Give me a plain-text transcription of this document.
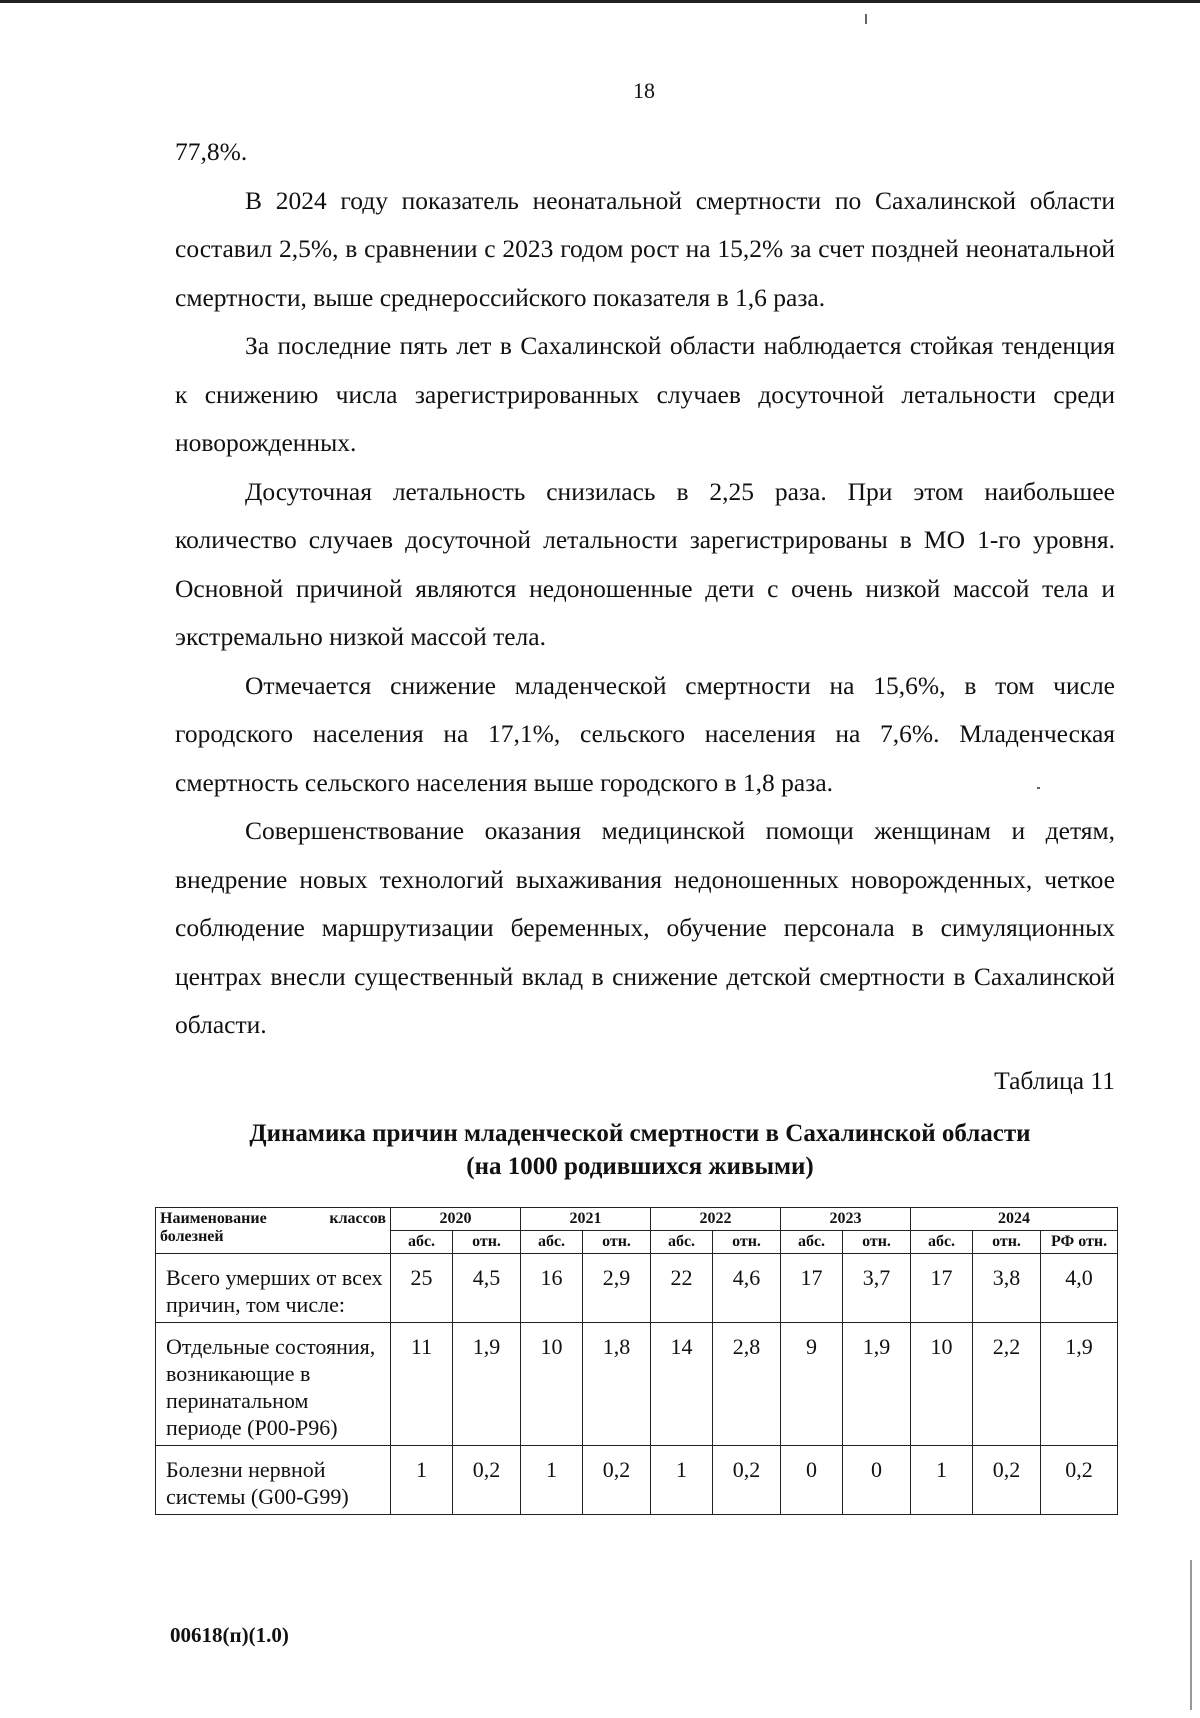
18

77,8%.

В 2024 году показатель неонатальной смертности по Сахалинской области составил 2,5%, в сравнении с 2023 годом рост на 15,2% за счет поздней неонатальной смертности, выше среднероссийского показателя в 1,6 раза.

За последние пять лет в Сахалинской области наблюдается стойкая тенденция к снижению числа зарегистрированных случаев досуточной летальности среди новорожденных.

Досуточная летальность снизилась в 2,25 раза. При этом наибольшее количество случаев досуточной летальности зарегистрированы в МО 1-го уровня. Основной причиной являются недоношенные дети с очень низкой массой тела и экстремально низкой массой тела.

Отмечается снижение младенческой смертности на 15,6%, в том числе городского населения на 17,1%, сельского населения на 7,6%. Младенческая смертность сельского населения выше городского в 1,8 раза.

Совершенствование оказания медицинской помощи женщинам и детям, внедрение новых технологий выхаживания недоношенных новорожденных, четкое соблюдение маршрутизации беременных, обучение персонала в симуляционных центрах внесли существенный вклад в снижение детской смертности в Сахалинской области.

Таблица 11
Динамика причин младенческой смертности в Сахалинской области
(на 1000 родившихся живыми)
Наименование классов болезней	2020		2021		2022		2023		2024		
	абс.	отн.	абс.	отн.	абс.	отн.	абс.	отн.	абс.	отн.	РФ отн.
Всего умерших от всех причин, том числе:	25	4,5	16	2,9	22	4,6	17	3,7	17	3,8	4,0
Отдельные состояния, возникающие в перинатальном периоде (Р00-Р96)	11	1,9	10	1,8	14	2,8	9	1,9	10	2,2	1,9
Болезни нервной системы (G00-G99)	1	0,2	1	0,2	1	0,2	0	0	1	0,2	0,2
00618(п)(1.0)
